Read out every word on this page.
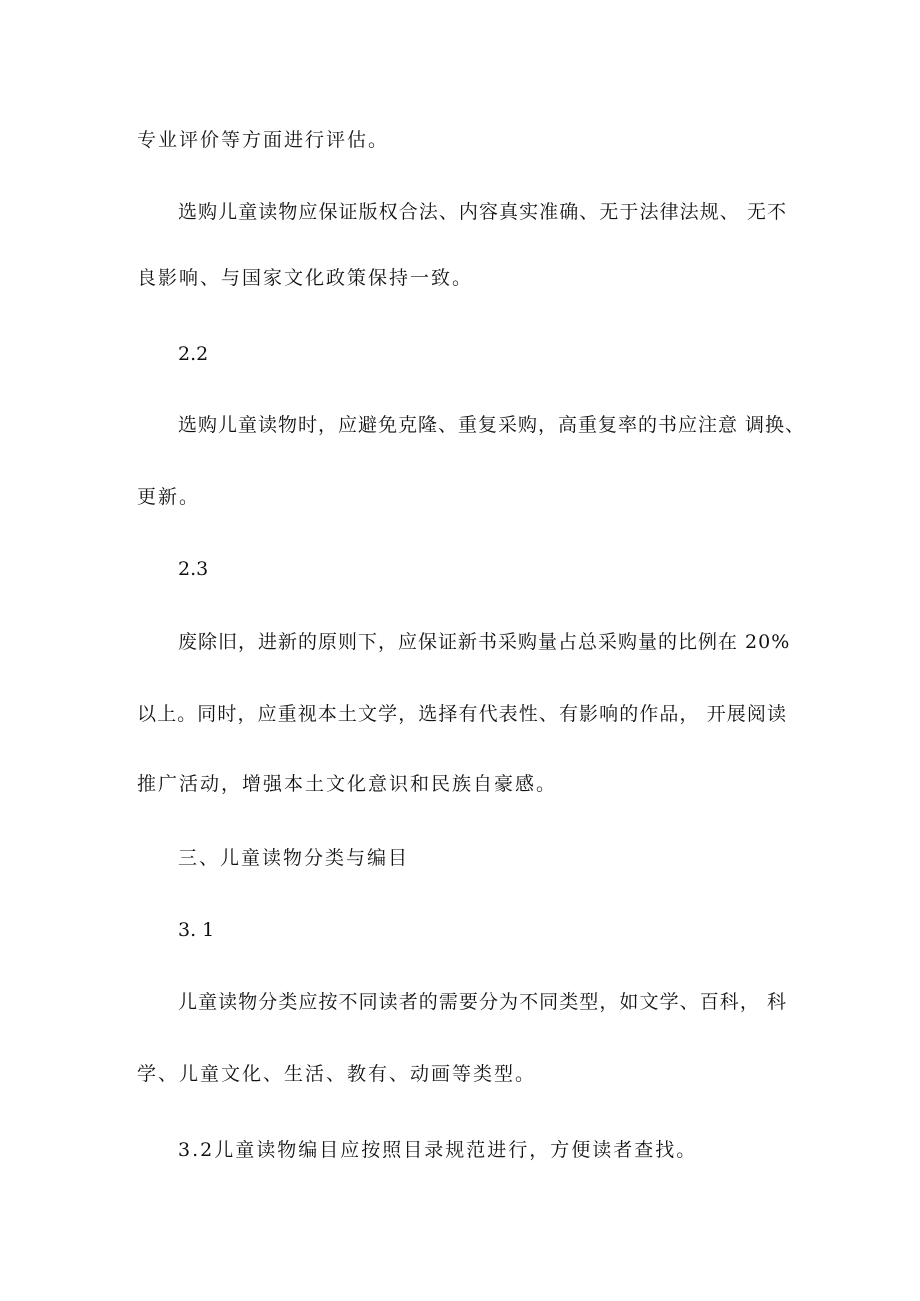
专业评价等方面进行评估。
选购儿童读物应保证版权合法、内容真实准确、无于法律法规、 无不
良影响、与国家文化政策保持一致。
2.2
选购儿童读物时，应避免克隆、重复采购，高重复率的书应注意 调换、
更新。
2.3
废除旧，进新的原则下，应保证新书采购量占总采购量的比例在 20%
以上。同时，应重视本土文学，选择有代表性、有影响的作品， 开展阅读
推广活动，增强本土文化意识和民族自豪感。
三、儿童读物分类与编目
3. 1
儿童读物分类应按不同读者的需要分为不同类型，如文学、百科， 科
学、儿童文化、生活、教有、动画等类型。
3.2儿童读物编目应按照目录规范进行，方便读者查找。
